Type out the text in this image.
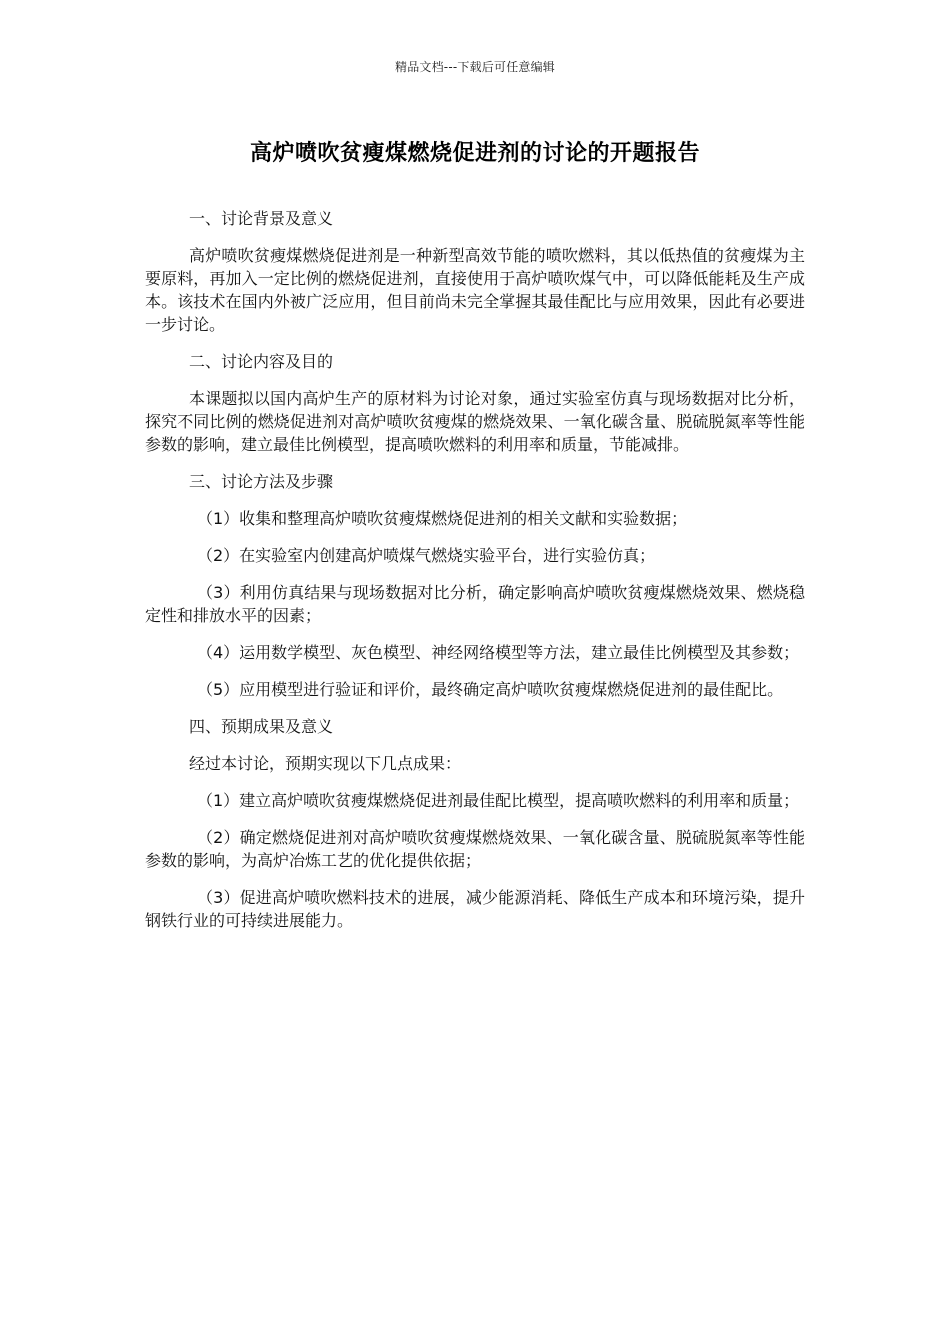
精品文档---下载后可任意编辑
高炉喷吹贫瘦煤燃烧促进剂的讨论的开题报告

一、讨论背景及意义

高炉喷吹贫瘦煤燃烧促进剂是一种新型高效节能的喷吹燃料，其以低热值的贫瘦煤为主要原料，再加入一定比例的燃烧促进剂，直接使用于高炉喷吹煤气中，可以降低能耗及生产成本。该技术在国内外被广泛应用，但目前尚未完全掌握其最佳配比与应用效果，因此有必要进一步讨论。

二、讨论内容及目的

本课题拟以国内高炉生产的原材料为讨论对象，通过实验室仿真与现场数据对比分析，探究不同比例的燃烧促进剂对高炉喷吹贫瘦煤的燃烧效果、一氧化碳含量、脱硫脱氮率等性能参数的影响，建立最佳比例模型，提高喷吹燃料的利用率和质量，节能减排。

三、讨论方法及步骤

（1）收集和整理高炉喷吹贫瘦煤燃烧促进剂的相关文献和实验数据；

（2）在实验室内创建高炉喷煤气燃烧实验平台，进行实验仿真；

（3）利用仿真结果与现场数据对比分析，确定影响高炉喷吹贫瘦煤燃烧效果、燃烧稳定性和排放水平的因素；

（4）运用数学模型、灰色模型、神经网络模型等方法，建立最佳比例模型及其参数；

（5）应用模型进行验证和评价，最终确定高炉喷吹贫瘦煤燃烧促进剂的最佳配比。

四、预期成果及意义

经过本讨论，预期实现以下几点成果：

（1）建立高炉喷吹贫瘦煤燃烧促进剂最佳配比模型，提高喷吹燃料的利用率和质量；

（2）确定燃烧促进剂对高炉喷吹贫瘦煤燃烧效果、一氧化碳含量、脱硫脱氮率等性能参数的影响，为高炉冶炼工艺的优化提供依据；

（3）促进高炉喷吹燃料技术的进展，减少能源消耗、降低生产成本和环境污染，提升钢铁行业的可持续进展能力。
